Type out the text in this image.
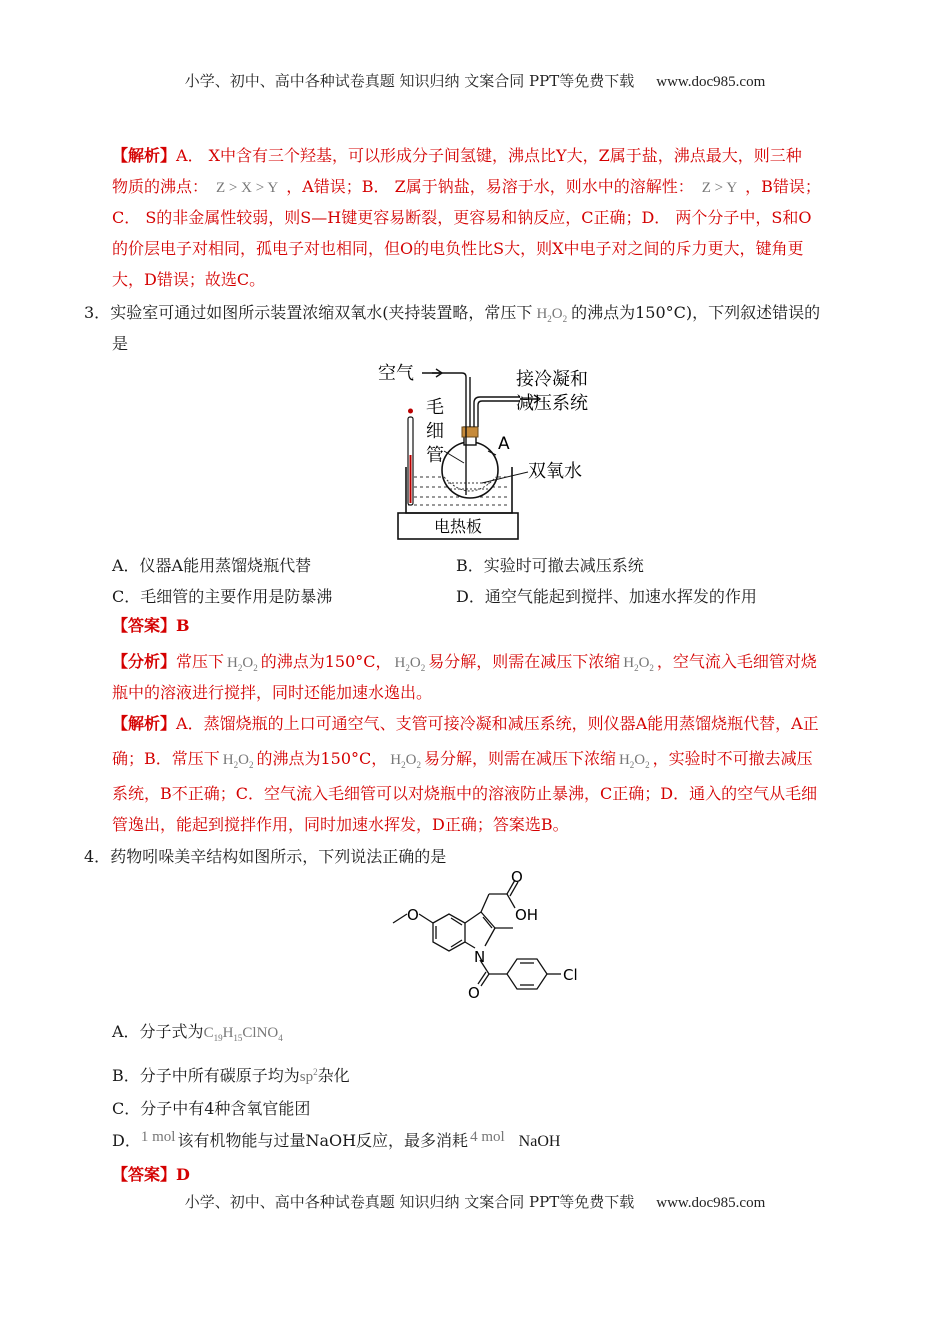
小学、初中、高中各种试卷真题 知识归纳 文案合同 PPT等免费下载 www.doc985.com
【解析】A． X中含有三个羟基，可以形成分子间氢键，沸点比Y大，Z属于盐，沸点最大，则三种
物质的沸点： Z > X > Y ，A错误；B． Z属于钠盐，易溶于水，则水中的溶解性： Z > Y ，B错误；
C． S的非金属性较弱，则S—H键更容易断裂，更容易和钠反应，C正确；D． 两个分子中，S和O
的价层电子对相同，孤电子对也相同，但O的电负性比S大，则X中电子对之间的斥力更大，键角更
大，D错误；故选C。
3．实验室可通过如图所示装置浓缩双氧水(夹持装置略，常压下 $H_2O_2$ 的沸点为150°C)，下列叙述错误的
是
电热板
空气	接冷凝和
减压系统
毛
细
管
A
双氧水
A．仪器A能用蒸馏烧瓶代替	B．实验时可撤去减压系统
C．毛细管的主要作用是防暴沸	D．通空气能起到搅拌、加速水挥发的作用
【答案】B
【分析】常压下 $H_2O_2$ 的沸点为150°C， $H_2O_2$ 易分解，则需在减压下浓缩 $H_2O_2$ ，空气流入毛细管对烧
瓶中的溶液进行搅拌，同时还能加速水逸出。
【解析】A．蒸馏烧瓶的上口可通空气、支管可接冷凝和减压系统，则仪器A能用蒸馏烧瓶代替，A正
确；B．常压下 $H_2O_2$ 的沸点为150°C， $H_2O_2$ 易分解，则需在减压下浓缩 $H_2O_2$ ，实验时不可撤去减压
系统，B不正确；C．空气流入毛细管可以对烧瓶中的溶液防止暴沸，C正确；D．通入的空气从毛细
管逸出，能起到搅拌作用，同时加速水挥发，D正确；答案选B。
4．药物吲哚美辛结构如图所示，下列说法正确的是
O
O
OH
N
O
Cl
A．分子式为$C_{19}H_{15}ClNO_4$
B．分子中所有碳原子均为$sp^2$杂化
C．分子中有4种含氧官能团
D．1 mol 该有机物能与过量NaOH反应，最多消耗 4 mol NaOH
【答案】D
小学、初中、高中各种试卷真题 知识归纳 文案合同 PPT等免费下载 www.doc985.com
